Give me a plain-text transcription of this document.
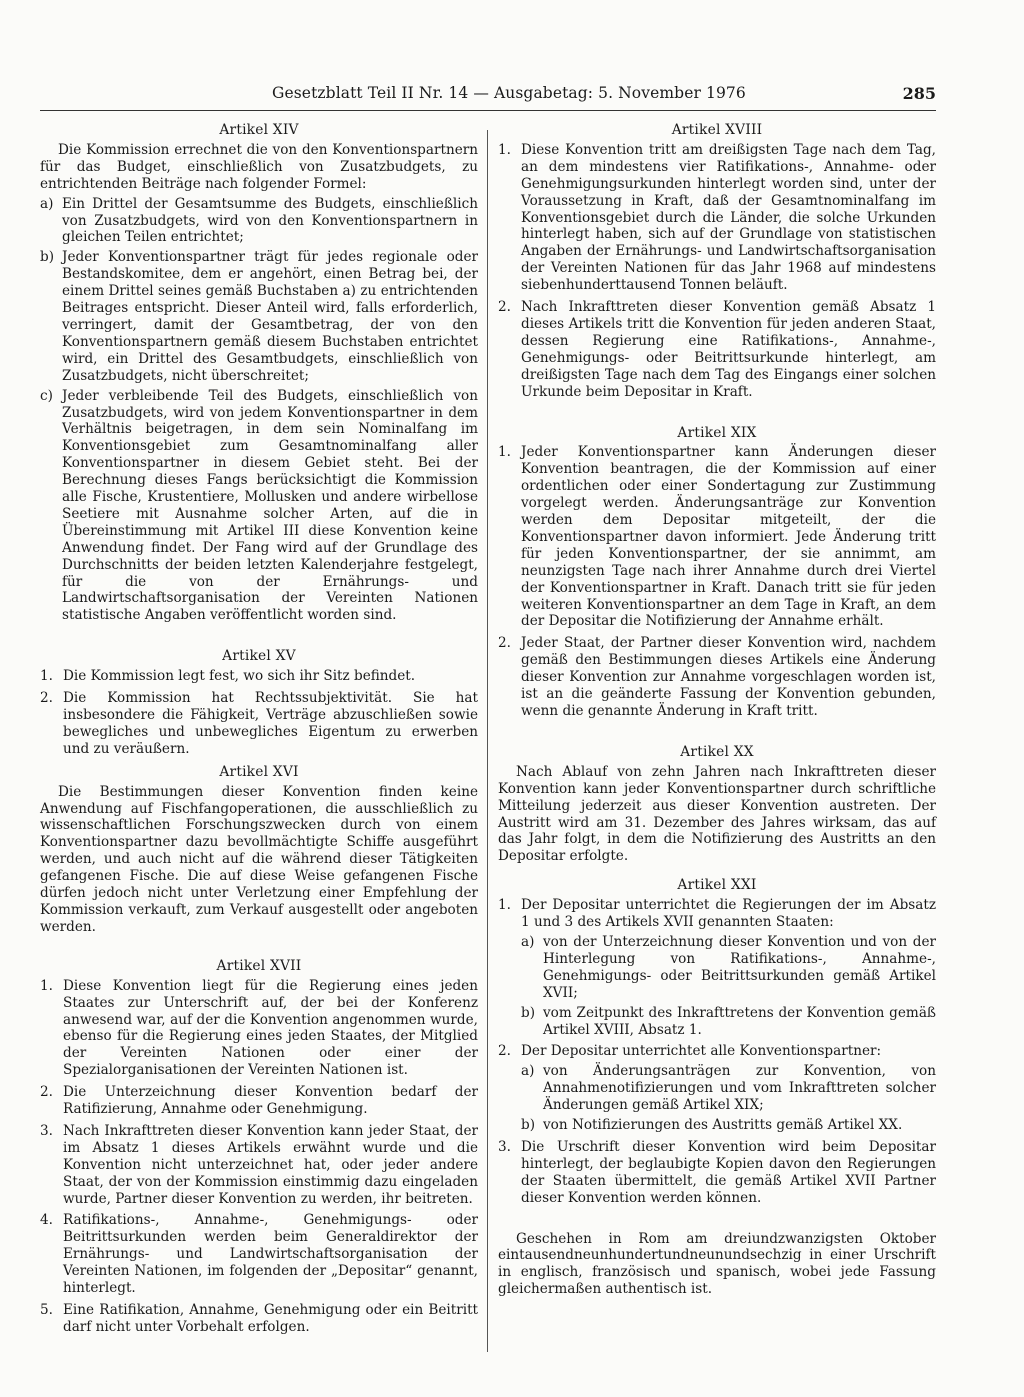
Gesetzblatt Teil II Nr. 14 — Ausgabetag: 5. November 1976	285
Artikel XIV
Die Kommission errechnet die von den Konventionspartnern für das Budget, einschließlich von Zusatzbudgets, zu entrichtenden Beiträge nach folgender Formel:
a) Ein Drittel der Gesamtsumme des Budgets, einschließlich von Zusatzbudgets, wird von den Konventionspartnern in gleichen Teilen entrichtet;
b) Jeder Konventionspartner trägt für jedes regionale oder Bestandskomitee, dem er angehört, einen Betrag bei, der einem Drittel seines gemäß Buchstaben a) zu entrichtenden Beitrages entspricht. Dieser Anteil wird, falls erforderlich, verringert, damit der Gesamtbetrag, der von den Konventionspartnern gemäß diesem Buchstaben entrichtet wird, ein Drittel des Gesamtbudgets, einschließlich von Zusatzbudgets, nicht überschreitet;
c) Jeder verbleibende Teil des Budgets, einschließlich von Zusatzbudgets, wird von jedem Konventionspartner in dem Verhältnis beigetragen, in dem sein Nominalfang im Konventionsgebiet zum Gesamtnominalfang aller Konventionspartner in diesem Gebiet steht. Bei der Berechnung dieses Fangs berücksichtigt die Kommission alle Fische, Krustentiere, Mollusken und andere wirbellose Seetiere mit Ausnahme solcher Arten, auf die in Übereinstimmung mit Artikel III diese Konvention keine Anwendung findet. Der Fang wird auf der Grundlage des Durchschnitts der beiden letzten Kalenderjahre festgelegt, für die von der Ernährungs- und Landwirtschaftsorganisation der Vereinten Nationen statistische Angaben veröffentlicht worden sind.
Artikel XV
1. Die Kommission legt fest, wo sich ihr Sitz befindet.
2. Die Kommission hat Rechtssubjektivität. Sie hat insbesondere die Fähigkeit, Verträge abzuschließen sowie bewegliches und unbewegliches Eigentum zu erwerben und zu veräußern.
Artikel XVI
Die Bestimmungen dieser Konvention finden keine Anwendung auf Fischfangoperationen, die ausschließlich zu wissenschaftlichen Forschungszwecken durch von einem Konventionspartner dazu bevollmächtigte Schiffe ausgeführt werden, und auch nicht auf die während dieser Tätigkeiten gefangenen Fische. Die auf diese Weise gefangenen Fische dürfen jedoch nicht unter Verletzung einer Empfehlung der Kommission verkauft, zum Verkauf ausgestellt oder angeboten werden.
Artikel XVII
1. Diese Konvention liegt für die Regierung eines jeden Staates zur Unterschrift auf, der bei der Konferenz anwesend war, auf der die Konvention angenommen wurde, ebenso für die Regierung eines jeden Staates, der Mitglied der Vereinten Nationen oder einer der Spezialorganisationen der Vereinten Nationen ist.
2. Die Unterzeichnung dieser Konvention bedarf der Ratifizierung, Annahme oder Genehmigung.
3. Nach Inkrafttreten dieser Konvention kann jeder Staat, der im Absatz 1 dieses Artikels erwähnt wurde und die Konvention nicht unterzeichnet hat, oder jeder andere Staat, der von der Kommission einstimmig dazu eingeladen wurde, Partner dieser Konvention zu werden, ihr beitreten.
4. Ratifikations-, Annahme-, Genehmigungs- oder Beitrittsurkunden werden beim Generaldirektor der Ernährungs- und Landwirtschaftsorganisation der Vereinten Nationen, im folgenden der „Depositar“ genannt, hinterlegt.
5. Eine Ratifikation, Annahme, Genehmigung oder ein Beitritt darf nicht unter Vorbehalt erfolgen.
Artikel XVIII
1. Diese Konvention tritt am dreißigsten Tage nach dem Tag, an dem mindestens vier Ratifikations-, Annahme- oder Genehmigungsurkunden hinterlegt worden sind, unter der Voraussetzung in Kraft, daß der Gesamtnominalfang im Konventionsgebiet durch die Länder, die solche Urkunden hinterlegt haben, sich auf der Grundlage von statistischen Angaben der Ernährungs- und Landwirtschaftsorganisation der Vereinten Nationen für das Jahr 1968 auf mindestens siebenhunderttausend Tonnen beläuft.
2. Nach Inkrafttreten dieser Konvention gemäß Absatz 1 dieses Artikels tritt die Konvention für jeden anderen Staat, dessen Regierung eine Ratifikations-, Annahme-, Genehmigungs- oder Beitrittsurkunde hinterlegt, am dreißigsten Tage nach dem Tag des Eingangs einer solchen Urkunde beim Depositar in Kraft.
Artikel XIX
1. Jeder Konventionspartner kann Änderungen dieser Konvention beantragen, die der Kommission auf einer ordentlichen oder einer Sondertagung zur Zustimmung vorgelegt werden. Änderungsanträge zur Konvention werden dem Depositar mitgeteilt, der die Konventionspartner davon informiert. Jede Änderung tritt für jeden Konventionspartner, der sie annimmt, am neunzigsten Tage nach ihrer Annahme durch drei Viertel der Konventionspartner in Kraft. Danach tritt sie für jeden weiteren Konventionspartner an dem Tage in Kraft, an dem der Depositar die Notifizierung der Annahme erhält.
2. Jeder Staat, der Partner dieser Konvention wird, nachdem gemäß den Bestimmungen dieses Artikels eine Änderung dieser Konvention zur Annahme vorgeschlagen worden ist, ist an die geänderte Fassung der Konvention gebunden, wenn die genannte Änderung in Kraft tritt.
Artikel XX
Nach Ablauf von zehn Jahren nach Inkrafttreten dieser Konvention kann jeder Konventionspartner durch schriftliche Mitteilung jederzeit aus dieser Konvention austreten. Der Austritt wird am 31. Dezember des Jahres wirksam, das auf das Jahr folgt, in dem die Notifizierung des Austritts an den Depositar erfolgte.
Artikel XXI
1. Der Depositar unterrichtet die Regierungen der im Absatz 1 und 3 des Artikels XVII genannten Staaten:
a) von der Unterzeichnung dieser Konvention und von der Hinterlegung von Ratifikations-, Annahme-, Genehmigungs- oder Beitrittsurkunden gemäß Artikel XVII;
b) vom Zeitpunkt des Inkrafttretens der Konvention gemäß Artikel XVIII, Absatz 1.
2. Der Depositar unterrichtet alle Konventionspartner:
a) von Änderungsanträgen zur Konvention, von Annahmenotifizierungen und vom Inkrafttreten solcher Änderungen gemäß Artikel XIX;
b) von Notifizierungen des Austritts gemäß Artikel XX.
3. Die Urschrift dieser Konvention wird beim Depositar hinterlegt, der beglaubigte Kopien davon den Regierungen der Staaten übermittelt, die gemäß Artikel XVII Partner dieser Konvention werden können.
Geschehen in Rom am dreiundzwanzigsten Oktober eintausendneunhundertundneunundsechzig in einer Urschrift in englisch, französisch und spanisch, wobei jede Fassung gleichermaßen authentisch ist.
